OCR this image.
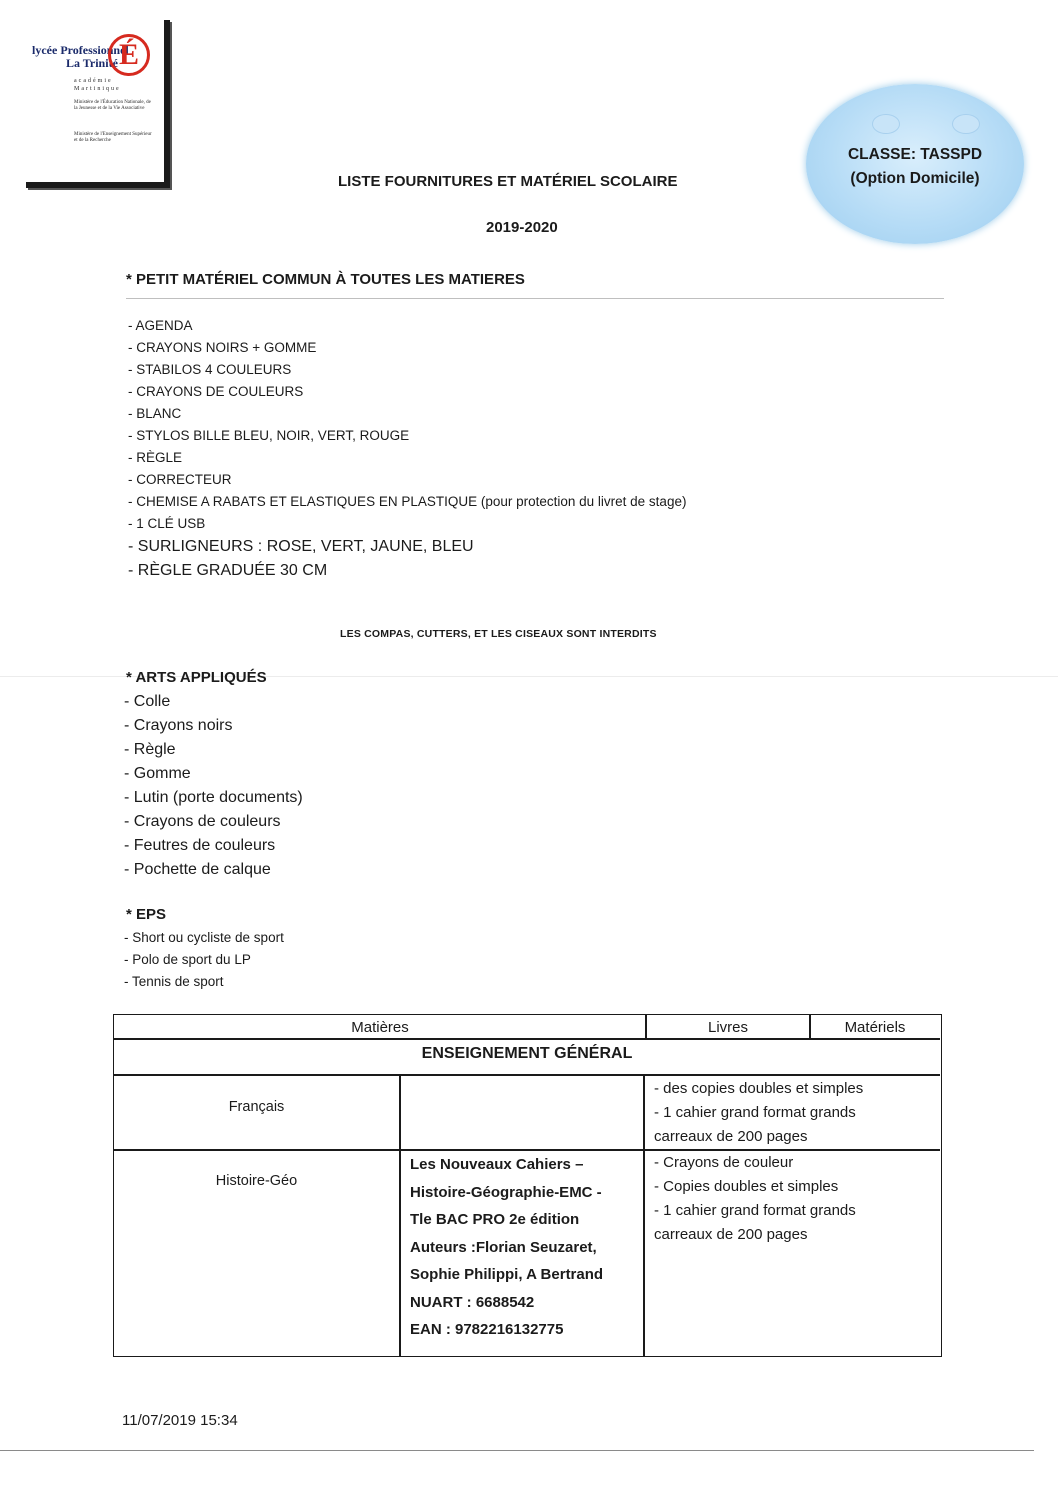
lycée Professionnel
La Trinité É
académie
Martinique
Ministère de l'Éducation Nationale, de la Jeunesse et de la Vie Associative
Ministère de l'Enseignement Supérieur et de la Recherche
CLASSE: TASSPD
(Option Domicile)
LISTE FOURNITURES ET MATÉRIEL SCOLAIRE
2019-2020
* PETIT MATÉRIEL COMMUN À TOUTES LES MATIERES
- AGENDA
- CRAYONS NOIRS + GOMME
- STABILOS 4 COULEURS
- CRAYONS DE COULEURS
- BLANC
- STYLOS BILLE BLEU, NOIR, VERT, ROUGE
- RÈGLE
- CORRECTEUR
- CHEMISE A RABATS ET ELASTIQUES EN PLASTIQUE (pour protection du livret de stage)
- 1 CLÉ USB
- SURLIGNEURS : ROSE, VERT, JAUNE, BLEU
- RÈGLE GRADUÉE 30 CM
LES COMPAS, CUTTERS, ET LES CISEAUX SONT INTERDITS
* ARTS APPLIQUÉS
- Colle
- Crayons noirs
- Règle
- Gomme
- Lutin (porte documents)
- Crayons de couleurs
- Feutres de couleurs
- Pochette de calque
* EPS
- Short ou cycliste de sport
- Polo de sport du LP
- Tennis de sport
Matières	Livres	Matériels
ENSEIGNEMENT GÉNÉRAL
Français
- des copies doubles et simples
- 1 cahier grand format grands
carreaux de 200 pages
Histoire-Géo
Les Nouveaux Cahiers –
Histoire-Géographie-EMC -
Tle BAC PRO 2e édition
Auteurs :Florian Seuzaret,
Sophie Philippi, A Bertrand
NUART : 6688542
EAN : 9782216132775
- Crayons de couleur
- Copies doubles et simples
- 1 cahier grand format grands
carreaux de 200 pages
11/07/2019 15:34
